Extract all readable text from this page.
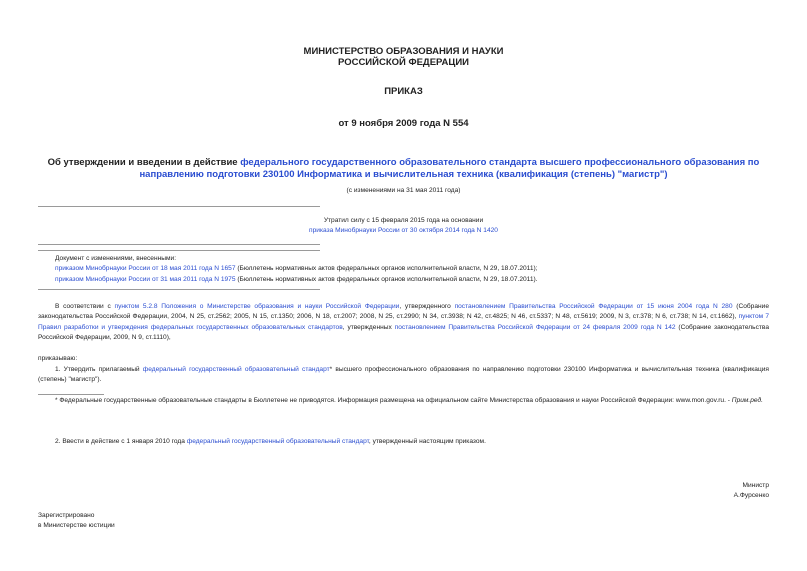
МИНИСТЕРСТВО ОБРАЗОВАНИЯ И НАУКИ
РОССИЙСКОЙ ФЕДЕРАЦИИ
ПРИКАЗ
от 9 ноября 2009 года N 554
Об утверждении и введении в действие федерального государственного образовательного стандарта высшего профессионального образования по направлению подготовки 230100 Информатика и вычислительная техника (квалификация (степень) "магистр")
(с изменениями на 31 мая 2011 года)
Утратил силу с 15 февраля 2015 года на основании
приказа Минобрнауки России от 30 октября 2014 года N 1420
Документ с изменениями, внесенными:
приказом Минобрнауки России от 18 мая 2011 года N 1657 (Бюллетень нормативных актов федеральных органов исполнительной власти, N 29, 18.07.2011);
приказом Минобрнауки России от 31 мая 2011 года N 1975 (Бюллетень нормативных актов федеральных органов исполнительной власти, N 29, 18.07.2011).
В соответствии с пунктом 5.2.8 Положения о Министерстве образования и науки Российской Федерации, утвержденного постановлением Правительства Российской Федерации от 15 июня 2004 года N 280 (Собрание законодательства Российской Федерации, 2004, N 25, ст.2562; 2005, N 15, ст.1350; 2006, N 18, ст.2007; 2008, N 25, ст.2990; N 34, ст.3938; N 42, ст.4825; N 46, ст.5337; N 48, ст.5619; 2009, N 3, ст.378; N 6, ст.738; N 14, ст.1662), пунктом 7 Правил разработки и утверждения федеральных государственных образовательных стандартов, утвержденных постановлением Правительства Российской Федерации от 24 февраля 2009 года N 142 (Собрание законодательства Российской Федерации, 2009, N 9, ст.1110),
приказываю:
1. Утвердить прилагаемый федеральный государственный образовательный стандарт* высшего профессионального образования по направлению подготовки 230100 Информатика и вычислительная техника (квалификация (степень) "магистр").
* Федеральные государственные образовательные стандарты в Бюллетене не приводятся. Информация размещена на официальном сайте Министерства образования и науки Российской Федерации: www.mon.gov.ru. - Прим.ред.
2. Ввести в действие с 1 января 2010 года федеральный государственный образовательный стандарт, утвержденный настоящим приказом.
Министр
А.Фурсенко
Зарегистрировано
в Министерстве юстиции
